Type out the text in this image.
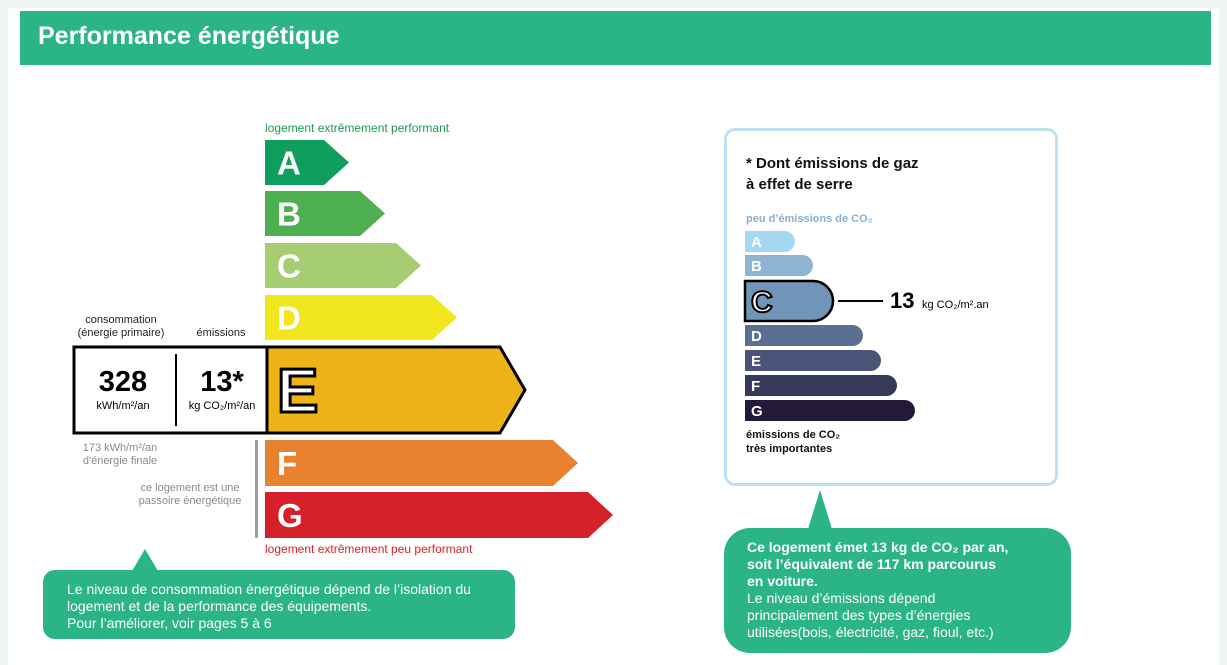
Performance énergétique
logement extrêmement performant
logement extrêmement peu performant
A
B
C
D
E
F
G
consommation
(énergie primaire)	émissions
328
kWh/m²/an
13*
kg CO₂/m²/an
173 kWh/m²/an
d'énergie finale
ce logement est une
passoire énergétique
Le niveau de consommation énergétique dépend de l’isolation du
logement et de la performance des équipements.
Pour l’améliorer, voir pages 5 à 6
* Dont émissions de gaz
à effet de serre
peu d’émissions de CO₂
émissions de CO₂
très importantes
A
B
C
D
E
F
G
13 kg CO₂/m².an
Ce logement émet 13 kg de CO₂ par an,
soit l’équivalent de 117 km parcourus
en voiture.
Le niveau d’émissions dépend
principalement des types d’énergies
utilisées(bois, électricité, gaz, fioul, etc.)
